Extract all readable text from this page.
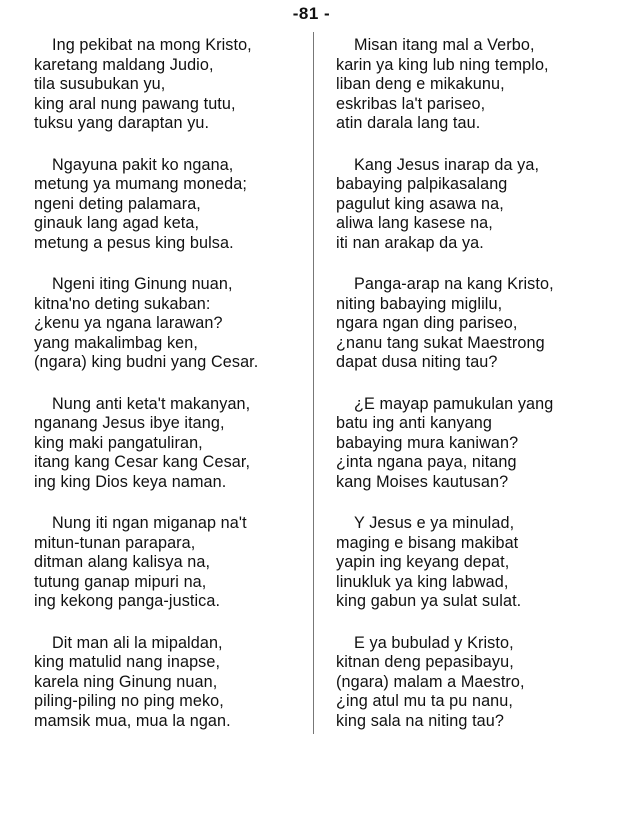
-81 -
Ing pekibat na mong Kristo,
karetang maldang Judio,
tila susubukan yu,
king aral nung pawang tutu,
tuksu yang daraptan yu.
Ngayuna pakit ko ngana,
metung ya mumang moneda;
ngeni deting palamara,
ginauk lang agad keta,
metung a pesus king bulsa.
Ngeni iting Ginung nuan,
kitna'no deting sukaban:
¿kenu ya ngana larawan?
yang makalimbag ken,
(ngara) king budni yang Cesar.
Nung anti keta't makanyan,
nganang Jesus ibye itang,
king maki pangatuliran,
itang kang Cesar kang Cesar,
ing king Dios keya naman.
Nung iti ngan miganap na't
mitun-tunan parapara,
ditman alang kalisya na,
tutung ganap mipuri na,
ing kekong panga-justica.
Dit man ali la mipaldan,
king matulid nang inapse,
karela ning Ginung nuan,
piling-piling no ping meko,
mamsik mua, mua la ngan.
Misan itang mal a Verbo,
karin ya king lub ning templo,
liban deng e mikakunu,
eskribas la't pariseo,
atin darala lang tau.
Kang Jesus inarap da ya,
babaying palpikasalang
pagulut king asawa na,
aliwa lang kasese na,
iti nan arakap da ya.
Panga-arap na kang Kristo,
niting babaying miglilu,
ngara ngan ding pariseo,
¿nanu tang sukat Maestrong
dapat dusa niting tau?
¿E mayap pamukulan yang
batu ing anti kanyang
babaying mura kaniwan?
¿inta ngana paya, nitang
kang Moises kautusan?
Y Jesus e ya minulad,
maging e bisang makibat
yapin ing keyang depat,
linukluk ya king labwad,
king gabun ya sulat sulat.
E ya bubulad y Kristo,
kitnan deng pepasibayu,
(ngara) malam a Maestro,
¿ing atul mu ta pu nanu,
king sala na niting tau?
